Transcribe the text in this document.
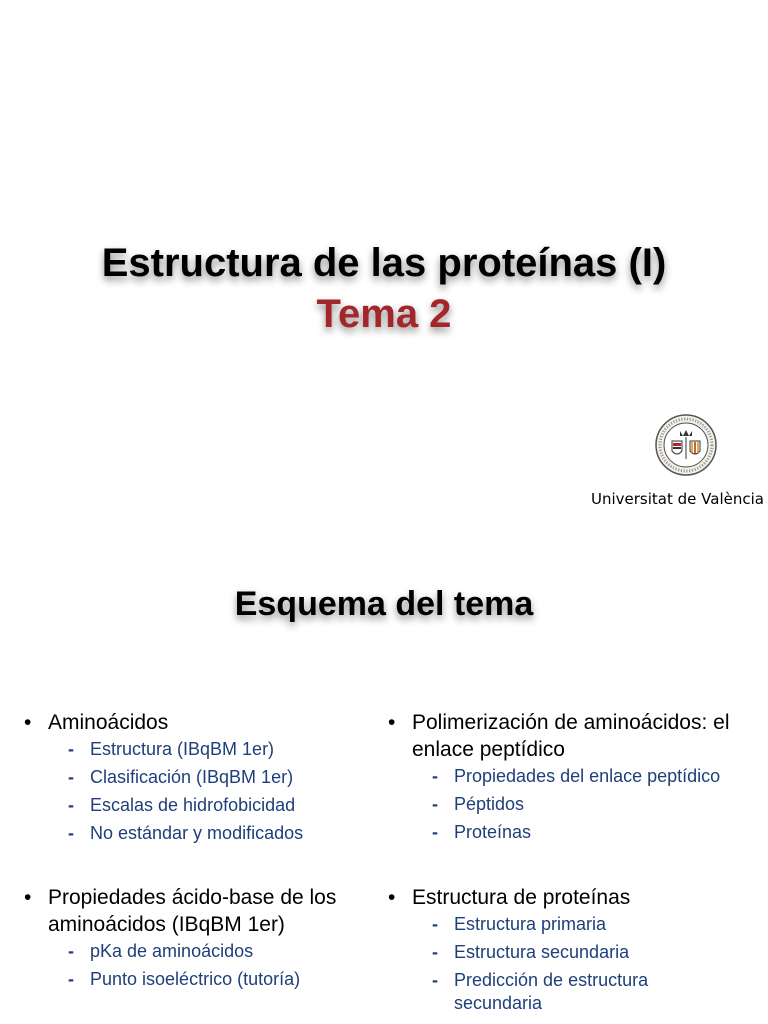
Estructura de las proteínas (I)
Tema 2
Universitat de València
Esquema del tema
• Aminoácidos
- Estructura (IBqBM 1er)
- Clasificación (IBqBM 1er)
- Escalas de hidrofobicidad
- No estándar y modificados
• Propiedades ácido-base de los aminoácidos (IBqBM 1er)
- pKa de aminoácidos
- Punto isoeléctrico (tutoría)
• Polimerización de aminoácidos: el enlace peptídico
- Propiedades del enlace peptídico
- Péptidos
- Proteínas
• Estructura de proteínas
- Estructura primaria
- Estructura secundaria
- Predicción de estructura secundaria
